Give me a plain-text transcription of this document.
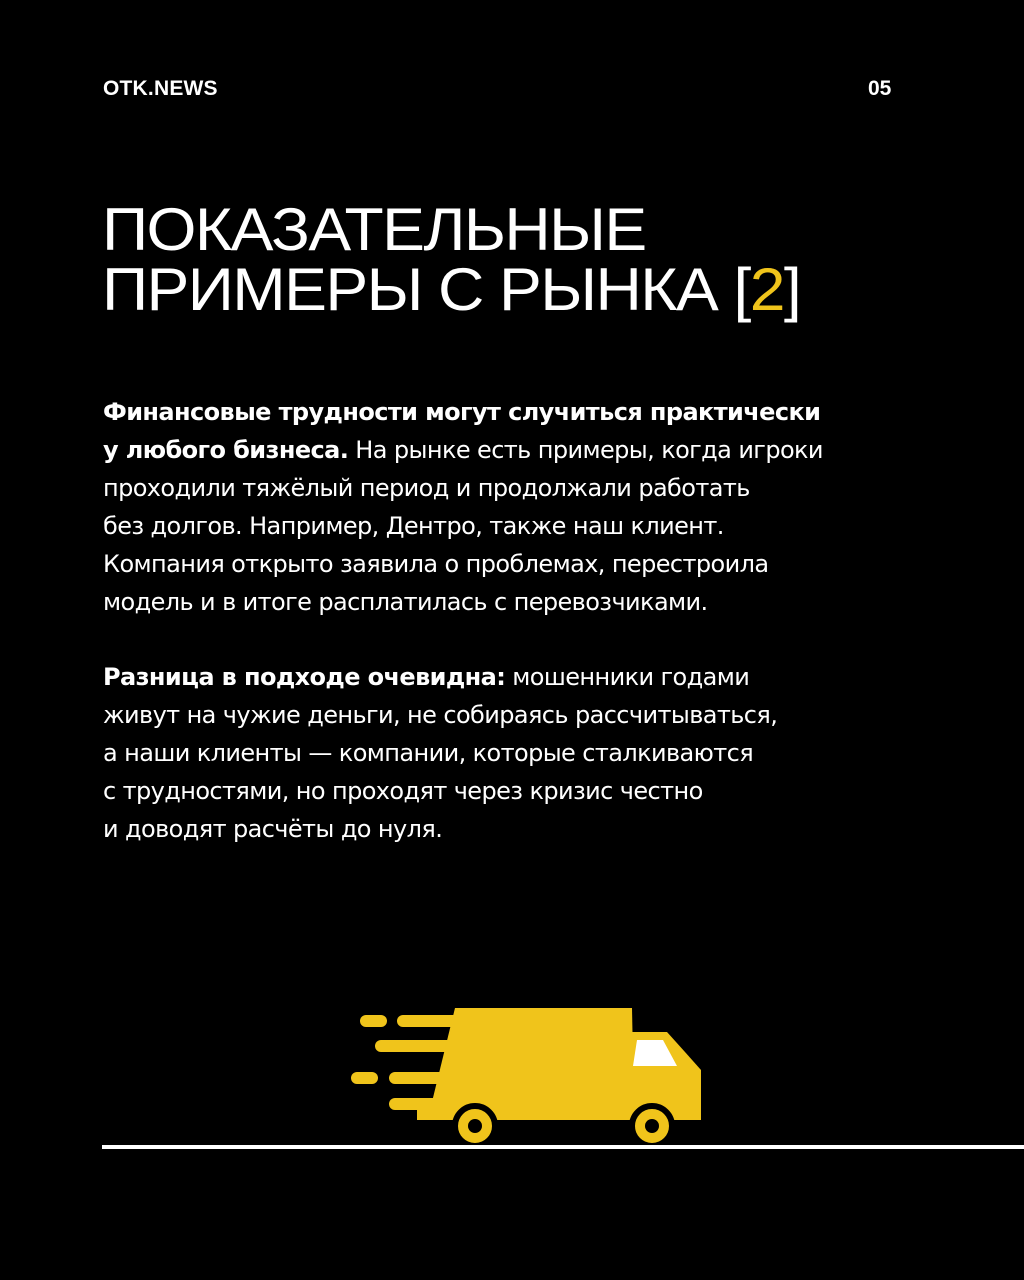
OTK.NEWS	05
ПОКАЗАТЕЛЬНЫЕ
ПРИМЕРЫ С РЫНКА [2]

Финансовые трудности могут случиться практически
у любого бизнеса. На рынке есть примеры, когда игроки
проходили тяжёлый период и продолжали работать
без долгов. Например, Дентро, также наш клиент.
Компания открыто заявила о проблемах, перестроила
модель и в итоге расплатилась с перевозчиками.

Разница в подходе очевидна: мошенники годами
живут на чужие деньги, не собираясь рассчитываться,
а наши клиенты — компании, которые сталкиваются
с трудностями, но проходят через кризис честно
и доводят расчёты до нуля.
